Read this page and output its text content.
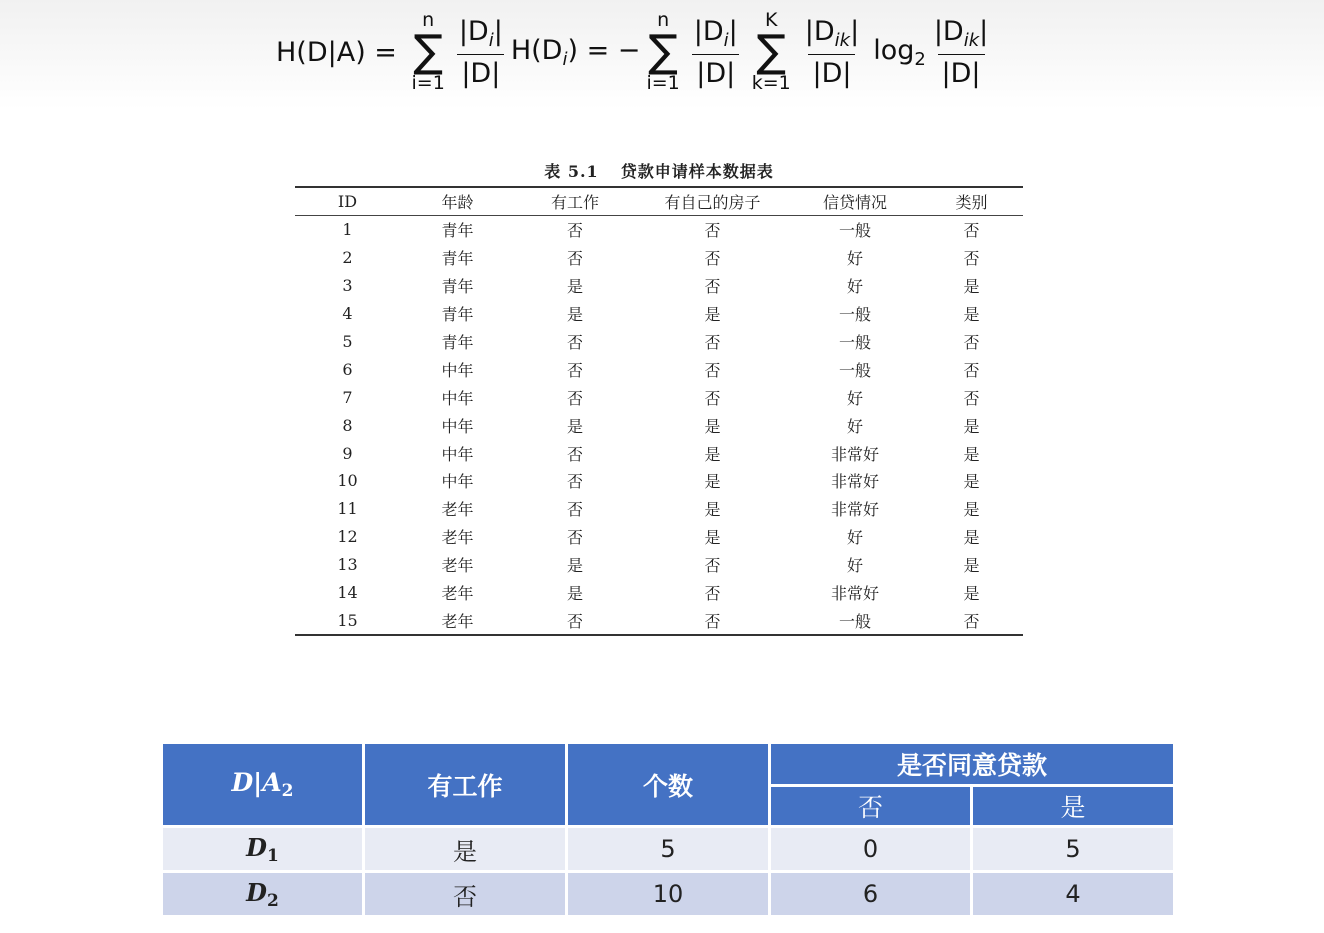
H(D|A) =
n
∑
$i=1 \frac{|D_i|}{|D|} H(D_i)$ = −
n
∑
$i=1 \frac{|D_i|}{|D|}$ K
∑
$k=1 \frac{|D_{ik}|}{|D|} \log_2 \frac{|D_{ik}|}{|D|}$
表 5.1 贷款申请样本数据表
ID	年龄	有工作	有自己的房子	信贷情况	类别
1	青年	否	否	一般	否
2	青年	否	否	好	否
3	青年	是	否	好	是
4	青年	是	是	一般	是
5	青年	否	否	一般	否
6	中年	否	否	一般	否
7	中年	否	否	好	否
8	中年	是	是	好	是
9	中年	否	是	非常好	是
10	中年	否	是	非常好	是
11	老年	否	是	非常好	是
12	老年	否	是	好	是
13	老年	是	否	好	是
14	老年	是	否	非常好	是
15	老年	否	否	一般	否
$D|A_2$	有工作	个数	是否同意贷款	
			否	是
$D_1$	是	5	0	5
$D_2$	否	10	6	4
